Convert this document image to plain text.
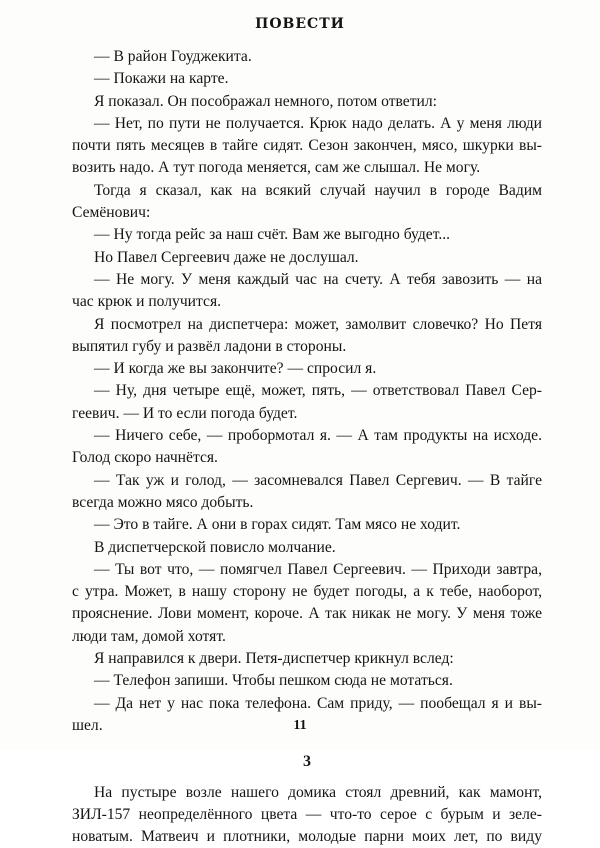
ПОВЕСТИ
— В район Гоуджекита.
— Покажи на карте.
Я показал. Он посображал немного, потом ответил:
— Нет, по пути не получается. Крюк надо делать. А у меня люди
почти пять месяцев в тайге сидят. Сезон закончен, мясо, шкурки вы-
возить надо. А тут погода меняется, сам же слышал. Не могу.
Тогда я сказал, как на всякий случай научил в городе Вадим
Семёнович:
— Ну тогда рейс за наш счёт. Вам же выгодно будет...
Но Павел Сергеевич даже не дослушал.
— Не могу. У меня каждый час на счету. А тебя завозить — на
час крюк и получится.
Я посмотрел на диспетчера: может, замолвит словечко? Но Петя
выпятил губу и развёл ладони в стороны.
— И когда же вы закончите? — спросил я.
— Ну, дня четыре ещё, может, пять, — ответствовал Павел Сер-
геевич. — И то если погода будет.
— Ничего себе, — пробормотал я. — А там продукты на исходе.
Голод скоро начнётся.
— Так уж и голод, — засомневался Павел Сергевич. — В тайге
всегда можно мясо добыть.
— Это в тайге. А они в горах сидят. Там мясо не ходит.
В диспетчерской повисло молчание.
— Ты вот что, — помягчел Павел Сергеевич. — Приходи завтра,
с утра. Может, в нашу сторону не будет погоды, а к тебе, наоборот,
прояснение. Лови момент, короче. А так никак не могу. У меня тоже
люди там, домой хотят.
Я направился к двери. Петя-диспетчер крикнул вслед:
— Телефон запиши. Чтобы пешком сюда не мотаться.
— Да нет у нас пока телефона. Сам приду, — пообещал я и вы-
шел.
3
На пустыре возле нашего домика стоял древний, как мамонт,
ЗИЛ-157 неопределённого цвета — что-то серое с бурым и зеле-
новатым. Матвеич и плотники, молодые парни моих лет, по виду
11
